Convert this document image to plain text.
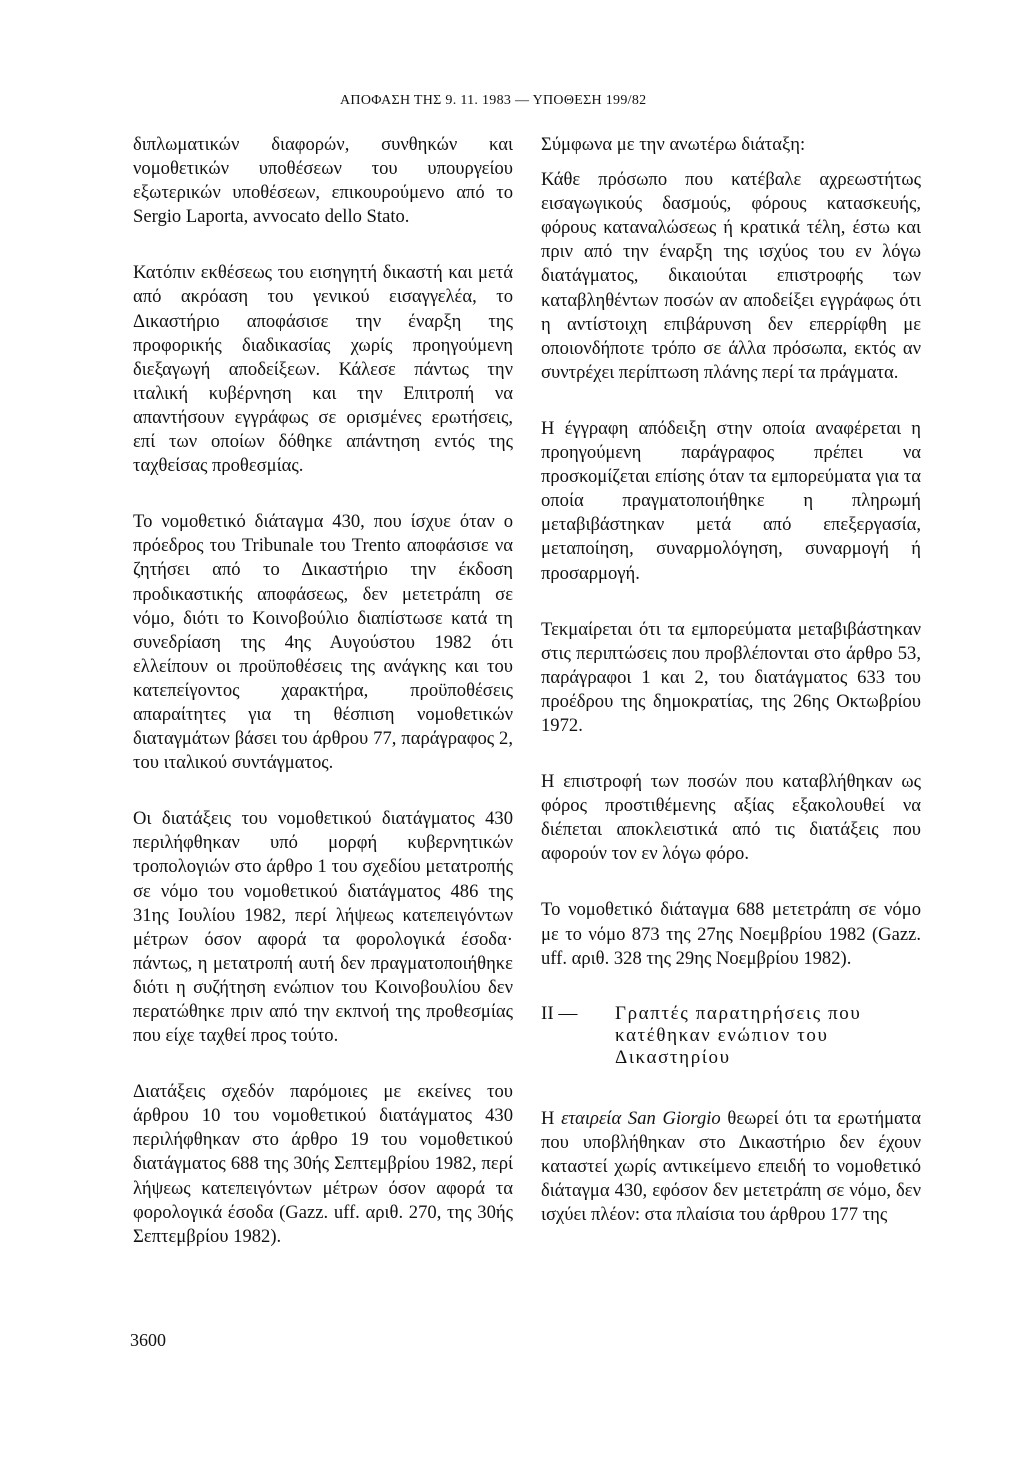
ΑΠΟΦΑΣΗ ΤΗΣ 9. 11. 1983 — ΥΠΟΘΕΣΗ 199/82

διπλωματικών διαφορών, συνθηκών και νομοθετικών υποθέσεων του υπουργείου εξωτερικών υποθέσεων, επικουρούμενο από το Sergio Laporta, avvocato dello Stato.

Κατόπιν εκθέσεως του εισηγητή δικαστή και μετά από ακρόαση του γενικού εισαγγελέα, το Δικαστήριο αποφάσισε την έναρξη της προφορικής διαδικασίας χωρίς προηγούμενη διεξαγωγή αποδείξεων. Κάλεσε πάντως την ιταλική κυβέρνηση και την Επιτροπή να απαντήσουν εγγράφως σε ορισμένες ερωτήσεις, επί των οποίων δόθηκε απάντηση εντός της ταχθείσας προθεσμίας.

Το νομοθετικό διάταγμα 430, που ίσχυε όταν ο πρόεδρος του Tribunale του Trento αποφάσισε να ζητήσει από το Δικαστήριο την έκδοση προδικαστικής αποφάσεως, δεν μετετράπη σε νόμο, διότι το Κοινοβούλιο διαπίστωσε κατά τη συνεδρίαση της 4ης Αυγούστου 1982 ότι ελλείπουν οι προϋποθέσεις της ανάγκης και του κατεπείγοντος χαρακτήρα, προϋποθέσεις απαραίτητες για τη θέσπιση νομοθετικών διαταγμάτων βάσει του άρθρου 77, παράγραφος 2, του ιταλικού συντάγματος.

Οι διατάξεις του νομοθετικού διατάγματος 430 περιλήφθηκαν υπό μορφή κυβερνητικών τροπολογιών στο άρθρο 1 του σχεδίου μετατροπής σε νόμο του νομοθετικού διατάγματος 486 της 31ης Ιουλίου 1982, περί λήψεως κατεπειγόντων μέτρων όσον αφορά τα φορολογικά έσοδα· πάντως, η μετατροπή αυτή δεν πραγματοποιήθηκε διότι η συζήτηση ενώπιον του Κοινοβουλίου δεν περατώθηκε πριν από την εκπνοή της προθεσμίας που είχε ταχθεί προς τούτο.

Διατάξεις σχεδόν παρόμοιες με εκείνες του άρθρου 10 του νομοθετικού διατάγματος 430 περιλήφθηκαν στο άρθρο 19 του νομοθετικού διατάγματος 688 της 30ής Σεπτεμβρίου 1982, περί λήψεως κατεπειγόντων μέτρων όσον αφορά τα φορολογικά έσοδα (Gazz. uff. αριθ. 270, της 30ής Σεπτεμβρίου 1982).

Σύμφωνα με την ανωτέρω διάταξη:

Κάθε πρόσωπο που κατέβαλε αχρεωστήτως εισαγωγικούς δασμούς, φόρους κατασκευής, φόρους καταναλώσεως ή κρατικά τέλη, έστω και πριν από την έναρξη της ισχύος του εν λόγω διατάγματος, δικαιούται επιστροφής των καταβληθέντων ποσών αν αποδείξει εγγράφως ότι η αντίστοιχη επιβάρυνση δεν επερρίφθη με οποιονδήποτε τρόπο σε άλλα πρόσωπα, εκτός αν συντρέχει περίπτωση πλάνης περί τα πράγματα.

Η έγγραφη απόδειξη στην οποία αναφέρεται η προηγούμενη παράγραφος πρέπει να προσκομίζεται επίσης όταν τα εμπορεύματα για τα οποία πραγματοποιήθηκε η πληρωμή μεταβιβάστηκαν μετά από επεξεργασία, μεταποίηση, συναρμολόγηση, συναρμογή ή προσαρμογή.

Τεκμαίρεται ότι τα εμπορεύματα μεταβιβάστηκαν στις περιπτώσεις που προβλέπονται στο άρθρο 53, παράγραφοι 1 και 2, του διατάγματος 633 του προέδρου της δημοκρατίας, της 26ης Οκτωβρίου 1972.

Η επιστροφή των ποσών που καταβλήθηκαν ως φόρος προστιθέμενης αξίας εξακολουθεί να διέπεται αποκλειστικά από τις διατάξεις που αφορούν τον εν λόγω φόρο.

Το νομοθετικό διάταγμα 688 μετετράπη σε νόμο με το νόμο 873 της 27ης Νοεμβρίου 1982 (Gazz. uff. αριθ. 328 της 29ης Νοεμβρίου 1982).

II —	Γραπτές παρατηρήσεις που κατέθηκαν ενώπιον του Δικαστηρίου

Η εταιρεία San Giorgio θεωρεί ότι τα ερωτήματα που υποβλήθηκαν στο Δικαστήριο δεν έχουν καταστεί χωρίς αντικείμενο επειδή το νομοθετικό διάταγμα 430, εφόσον δεν μετετράπη σε νόμο, δεν ισχύει πλέον: στα πλαίσια του άρθρου 177 της

3600
